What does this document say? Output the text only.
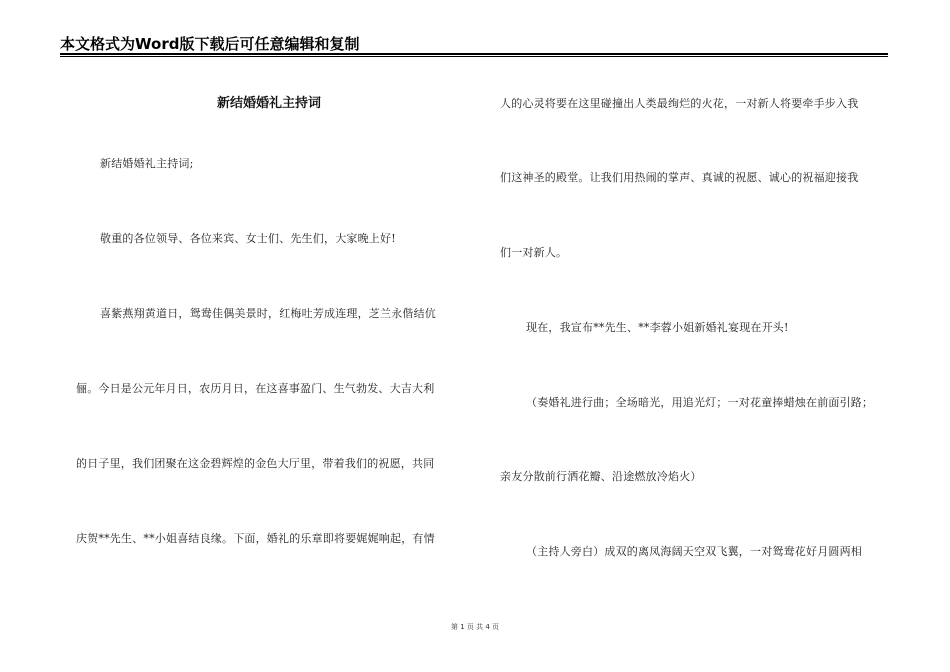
本文格式为Word版下载后可任意编辑和复制
新结婚婚礼主持词
新结婚婚礼主持词;
敬重的各位领导、各位来宾、女士们、先生们，大家晚上好!
喜紫燕翔黄道日，鸳鸯佳偶美景时，红梅吐芳成连理，芝兰永偕结伉
俪。今日是公元年月日，农历月日，在这喜事盈门、生气勃发、大吉大利
的日子里，我们团聚在这金碧辉煌的金色大厅里，带着我们的祝愿，共同
庆贺**先生、**小姐喜结良缘。下面，婚礼的乐章即将要娓娓响起，有情
人的心灵将要在这里碰撞出人类最绚烂的火花，一对新人将要牵手步入我
们这神圣的殿堂。让我们用热闹的掌声、真诚的祝愿、诚心的祝福迎接我
们一对新人。
现在，我宣布**先生、**李蓉小姐新婚礼宴现在开头!
（奏婚礼进行曲；全场暗光，用追光灯；一对花童捧蜡烛在前面引路；
亲友分散前行洒花瓣、沿途燃放冷焰火）
（主持人旁白）成双的离凤海阔天空双飞翼，一对鸳鸯花好月圆两相
第 1 页 共 4 页
